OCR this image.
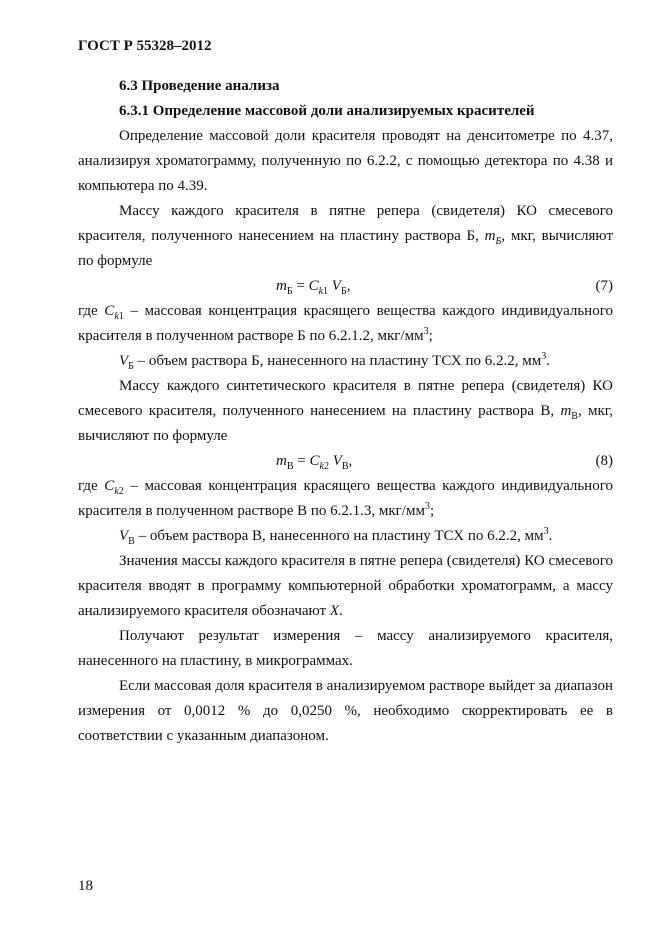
ГОСТ Р 55328–2012
6.3 Проведение анализа
6.3.1 Определение массовой доли анализируемых красителей

Определение массовой доли красителя проводят на денситометре по 4.37, анализируя хроматограмму, полученную по 6.2.2, с помощью детектора по 4.38 и компьютера по 4.39.

Массу каждого красителя в пятне репера (свидетеля) КО смесевого красителя, полученного нанесением на пластину раствора Б, $m_Б$, мкг, вычисляют по формуле

$m_Б = C_{k1}$ $V_Б$,	(7)

где $C_{k1}$ – массовая концентрация красящего вещества каждого индивидуального красителя в полученном растворе Б по 6.2.1.2, мкг/$мм^3$;

$V_Б$ – объем раствора Б, нанесенного на пластину ТСХ по 6.2.2, $мм^3$.

Массу каждого синтетического красителя в пятне репера (свидетеля) КО смесевого красителя, полученного нанесением на пластину раствора В, $m_В$, мкг, вычисляют по формуле

$m_В = C_{k2}$ $V_В$,	(8)

где $C_{k2}$ – массовая концентрация красящего вещества каждого индивидуального красителя в полученном растворе В по 6.2.1.3, мкг/$мм^3$;

$V_В$ – объем раствора В, нанесенного на пластину ТСХ по 6.2.2, $мм^3$.

Значения массы каждого красителя в пятне репера (свидетеля) КО смесевого красителя вводят в программу компьютерной обработки хроматограмм, а массу анализируемого красителя обозначают X.

Получают результат измерения – массу анализируемого красителя, нанесенного на пластину, в микрограммах.

Если массовая доля красителя в анализируемом растворе выйдет за диапазон измерения от 0,0012 % до 0,0250 %, необходимо скорректировать ее в соответствии с указанным диапазоном.

18
